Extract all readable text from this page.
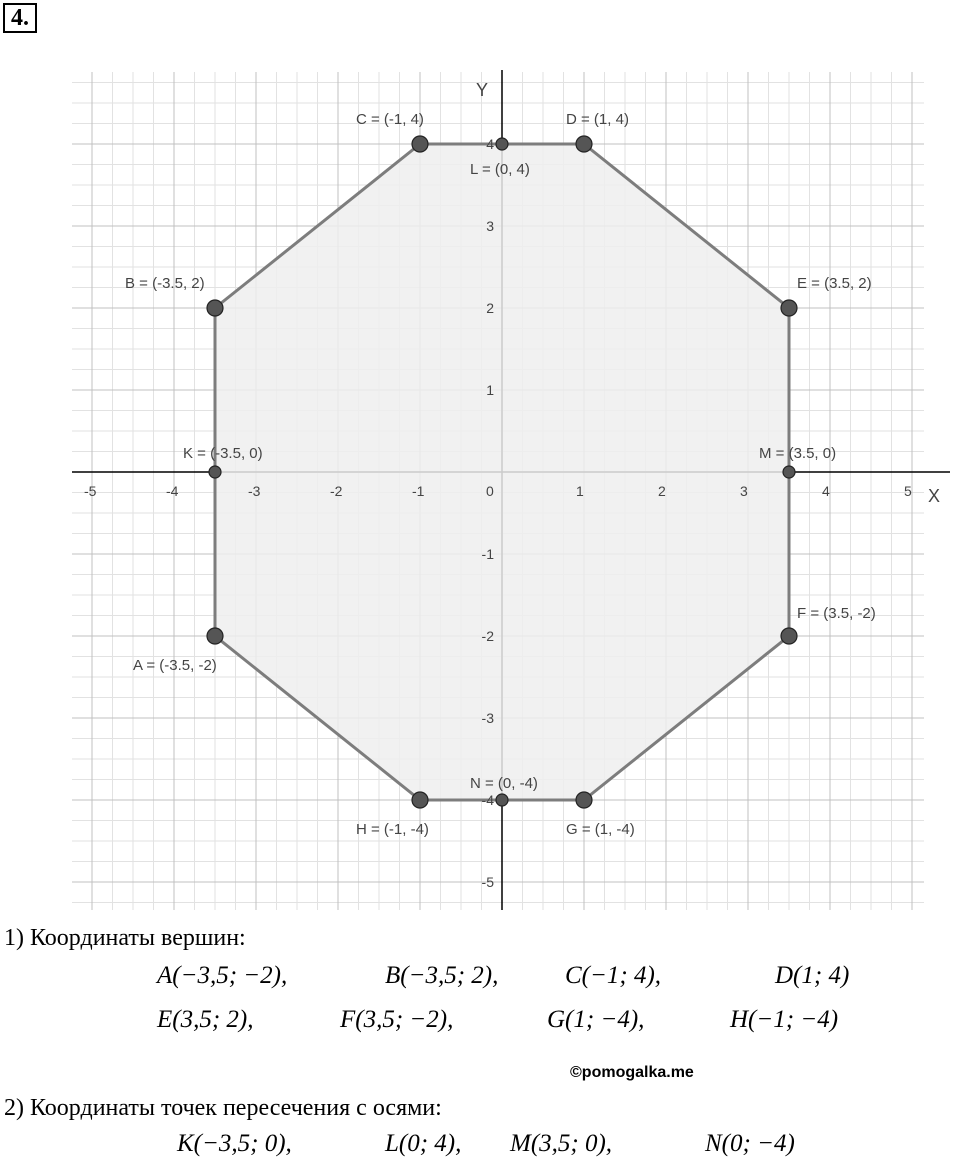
4.
X
Y
-5	-4	-3	-2	-1	0	1	2	3	4	5
4
3
2
1
-1
-2
-3
-4
-5
A = (-3.5, -2)
B = (-3.5, 2)
C = (-1, 4)	D = (1, 4)
E = (3.5, 2)
F = (3.5, -2)
G = (1, -4)
H = (-1, -4)
K = (-3.5, 0)
L = (0, 4)
M = (3.5, 0)
N = (0, -4)
1) Координаты вершин:
A(−3,5; −2),	B(−3,5; 2),	C(−1; 4),	D(1; 4)
E(3,5; 2),	F(3,5; −2),	G(1; −4),	H(−1; −4)
©pomogalka.me
2) Координаты точек пересечения с осями:
K(−3,5; 0),	L(0; 4), M(3,5; 0),	N(0; −4)
